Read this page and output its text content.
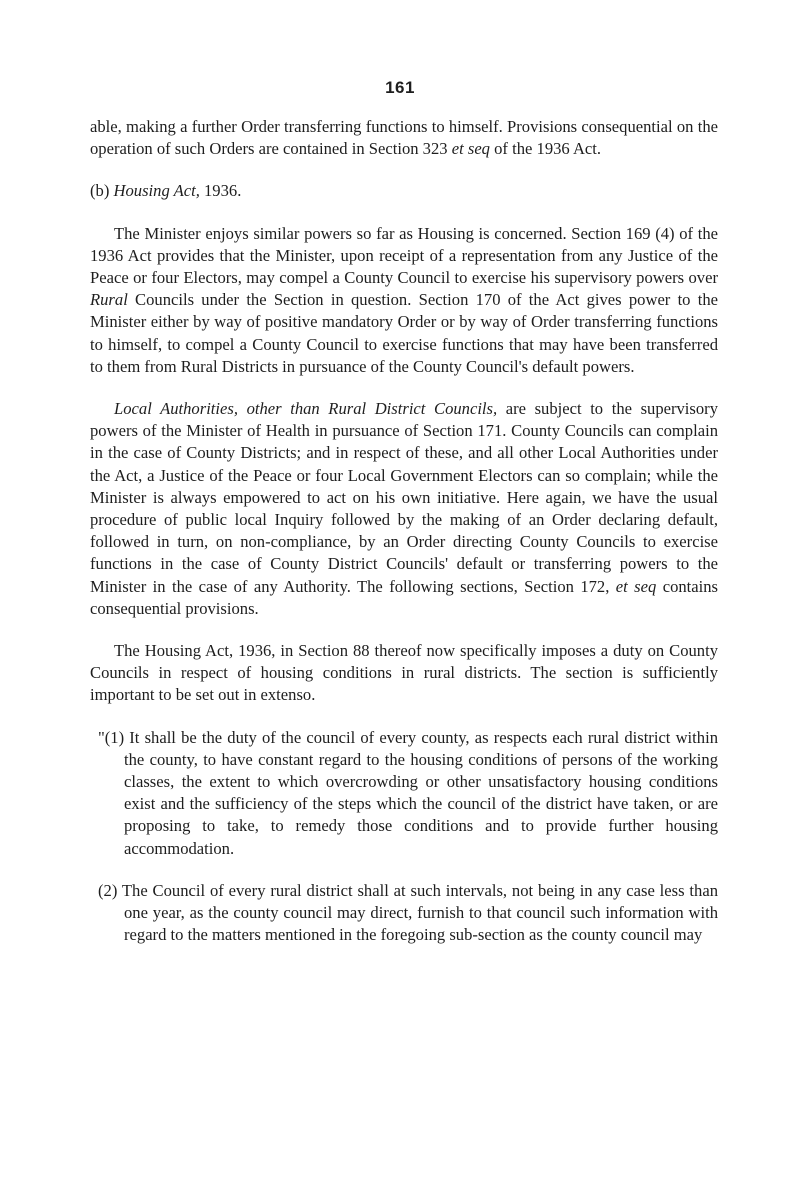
161

able, making a further Order transferring functions to himself. Provisions consequential on the operation of such Orders are contained in Section 323 et seq of the 1936 Act.

(b) Housing Act, 1936.

The Minister enjoys similar powers so far as Housing is concerned. Section 169 (4) of the 1936 Act provides that the Minister, upon receipt of a representation from any Justice of the Peace or four Electors, may compel a County Council to exercise his supervisory powers over Rural Councils under the Section in question. Section 170 of the Act gives power to the Minister either by way of positive mandatory Order or by way of Order transferring functions to himself, to compel a County Council to exercise functions that may have been transferred to them from Rural Districts in pursuance of the County Council's default powers.

Local Authorities, other than Rural District Councils, are subject to the supervisory powers of the Minister of Health in pursuance of Section 171. County Councils can complain in the case of County Districts; and in respect of these, and all other Local Authorities under the Act, a Justice of the Peace or four Local Government Electors can so complain; while the Minister is always empowered to act on his own initiative. Here again, we have the usual procedure of public local Inquiry followed by the making of an Order declaring default, followed in turn, on non-compliance, by an Order directing County Councils to exercise functions in the case of County District Councils' default or transferring powers to the Minister in the case of any Authority. The following sections, Section 172, et seq contains consequential provisions.

The Housing Act, 1936, in Section 88 thereof now specifically imposes a duty on County Councils in respect of housing conditions in rural districts. The section is sufficiently important to be set out in extenso.

"(1) It shall be the duty of the council of every county, as respects each rural district within the county, to have constant regard to the housing conditions of persons of the working classes, the extent to which overcrowding or other unsatisfactory housing conditions exist and the sufficiency of the steps which the council of the district have taken, or are proposing to take, to remedy those conditions and to provide further housing accommodation.

(2) The Council of every rural district shall at such intervals, not being in any case less than one year, as the county council may direct, furnish to that council such information with regard to the matters mentioned in the foregoing sub-section as the county council may
